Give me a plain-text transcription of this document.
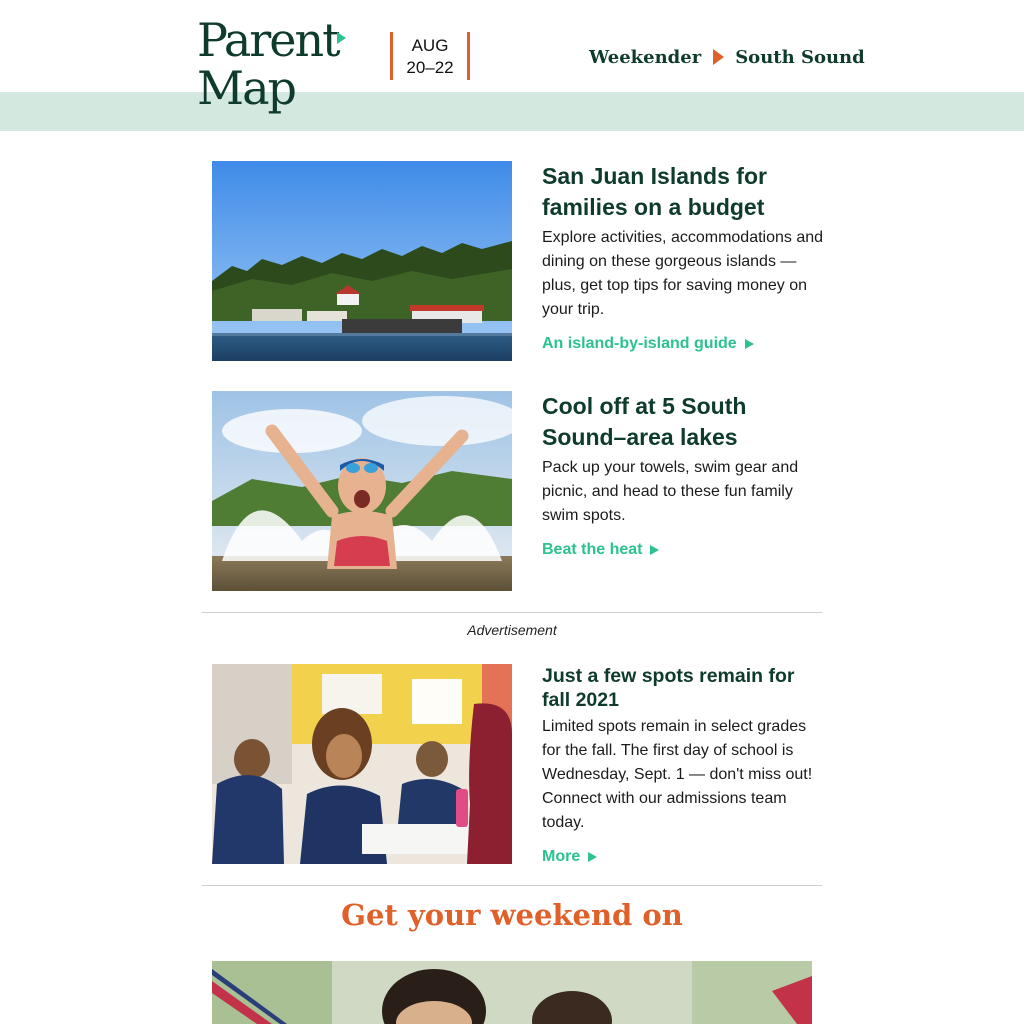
Parent
Map
AUG
20–22	Weekender South Sound
San Juan Islands for families on a budget
Explore activities, accommodations and dining on these gorgeous islands — plus, get top tips for saving money on your trip.
An island-by-island guide
Cool off at 5 South Sound–area lakes
Pack up your towels, swim gear and picnic, and head to these fun family swim spots.
Beat the heat
Advertisement
Just a few spots remain for fall 2021
Limited spots remain in select grades for the fall. The first day of school is Wednesday, Sept. 1 — don't miss out! Connect with our admissions team today.
More
Get your weekend on
